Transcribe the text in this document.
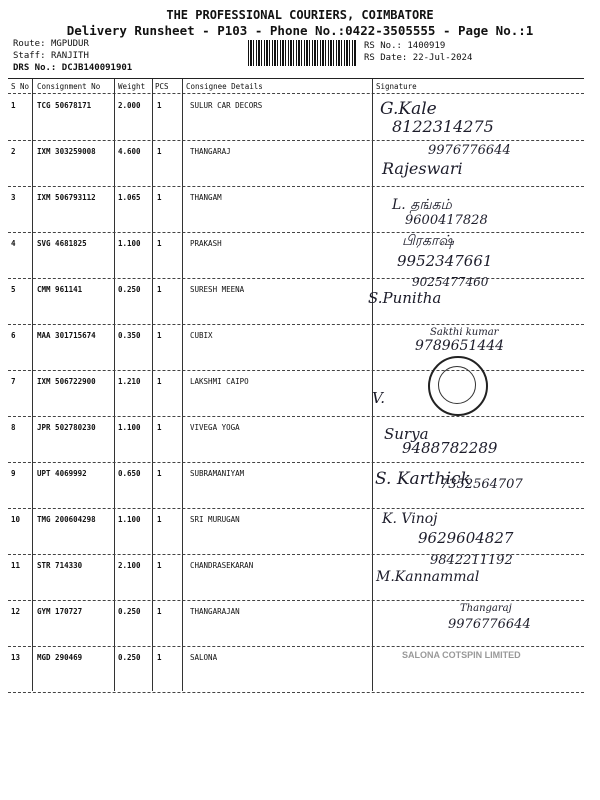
THE PROFESSIONAL COURIERS, COIMBATORE
Delivery Runsheet - P103 - Phone No.:0422-3505555 - Page No.:1
Route: MGPUDUR
Staff: RANJITH
DRS No.: DCJB140091901
RS No.: 1400919
RS Date: 22-Jul-2024
S No Consignment No Weight PCS Consignee Details	Signature
1	TCG 50678171	2.000 1	SULUR CAR DECORS	G.Kale
8122314275
2	IXM 303259008	4.600 1	THANGARAJ	9976776644
Rajeswari
3	IXM 506793112	1.065 1	THANGAM	L. தங்கம்
9600417828
4	SVG 4681825	1.100 1	PRAKASH	பிரகாஷ்
9952347661
5	CMM 961141	0.250 1	SURESH MEENA
9025477460
S.Punitha
6	MAA 301715674	0.350 1	CUBIX	Sakthi kumar
9789651444
7	IXM 506722900	1.210 1	LAKSHMI CAIPO
V.
8	JPR 502780230	1.100 1	VIVEGA YOGA	Surya
9488782289
9	UPT 4069992	0.650 1	SUBRAMANIYAM	S. Karthick
7352564707
10 TMG 200604298	1.100 1	SRI MURUGAN	K. Vinoj
9629604827
11 STR 714330	2.100 1	CHANDRASEKARAN	9842211192
M.Kannammal
12 GYM 170727	0.250 1	THANGARAJAN	Thangaraj
9976776644
13 MGD 290469	0.250 1	SALONA	SALONA COTSPIN LIMITED
